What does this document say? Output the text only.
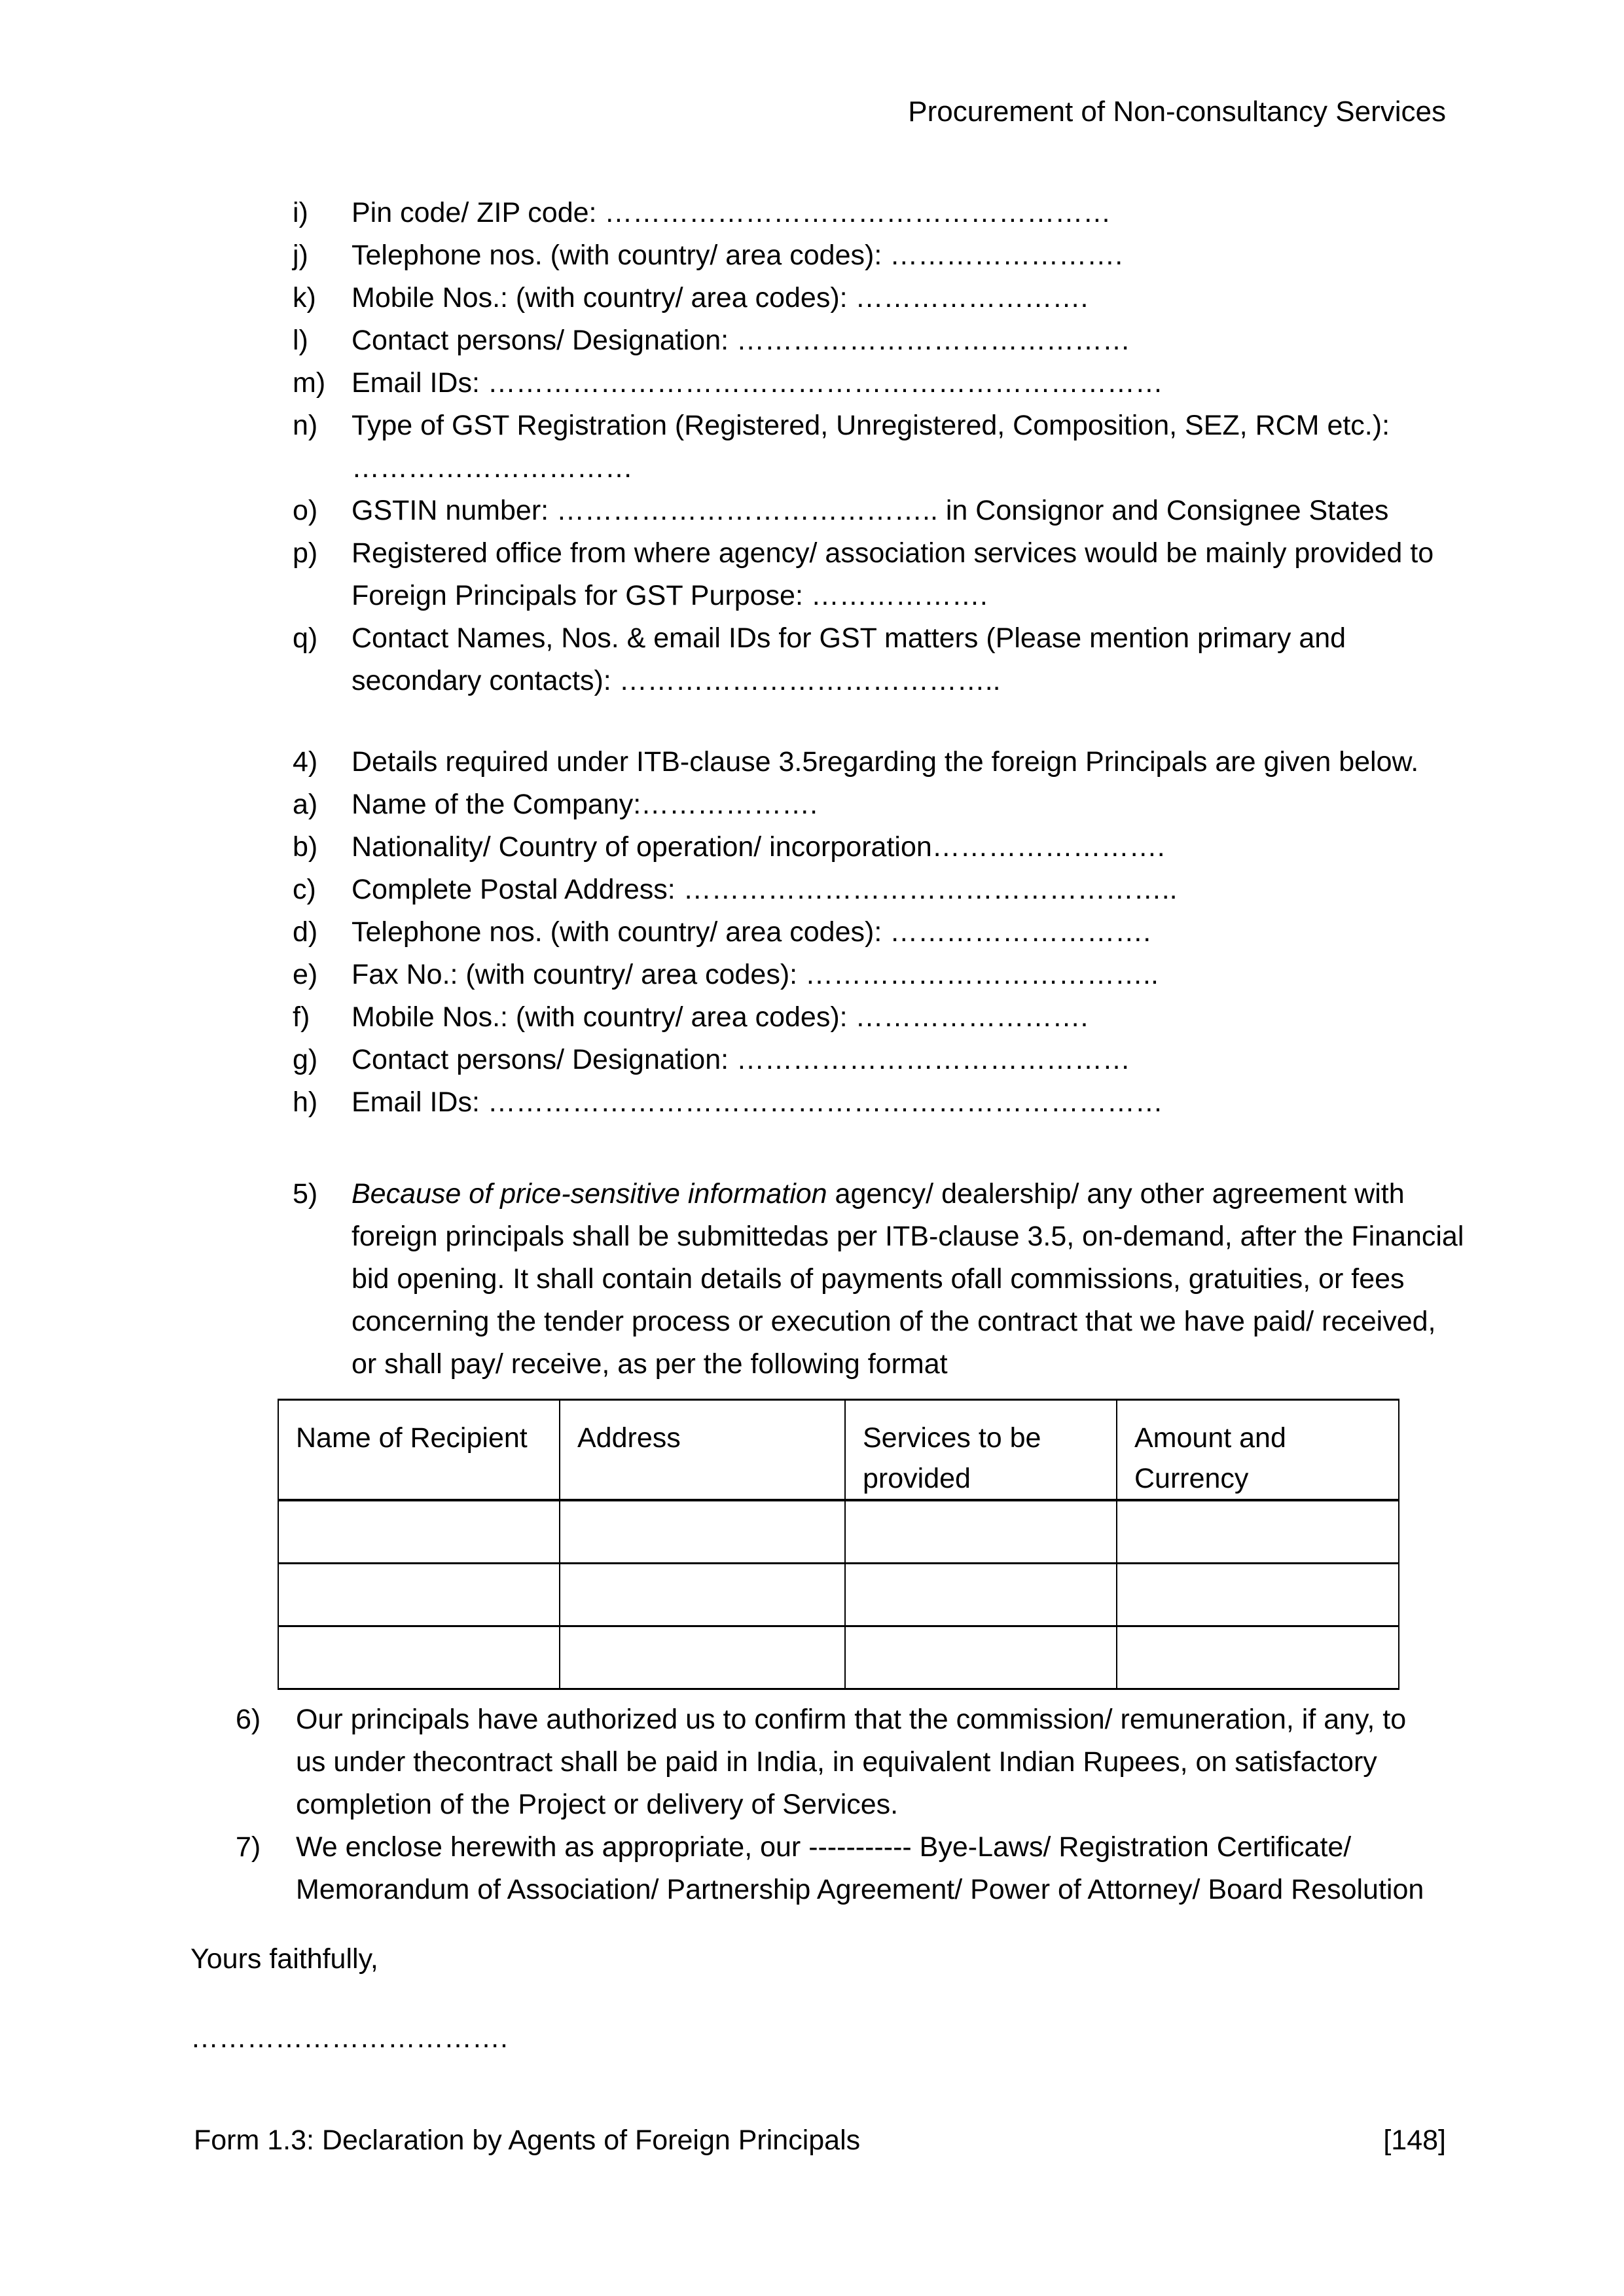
Procurement of Non-consultancy Services
i)	Pin code/ ZIP code: ………………………………………………
j)	Telephone nos. (with country/ area codes): …………………….
k)	Mobile Nos.: (with country/ area codes): …………………….
l)	Contact persons/ Designation: ……………………………………
m) Email IDs: ………………………………………………………………
n)	Type of GST Registration (Registered, Unregistered, Composition, SEZ, RCM etc.):
…………………………
o)	GSTIN number: ………………………………….. in Consignor and Consignee States
p)	Registered office from where agency/ association services would be mainly provided to
Foreign Principals for GST Purpose: ……………….
q)	Contact Names, Nos. & email IDs for GST matters (Please mention primary and
secondary contacts): …………………………………..
4)	Details required under ITB-clause 3.5regarding the foreign Principals are given below.
a)	Name of the Company:……………….
b)	Nationality/ Country of operation/ incorporation…………………….
c)	Complete Postal Address: ……………………………………………..
d)	Telephone nos. (with country/ area codes): ……………………….
e)	Fax No.: (with country/ area codes): ………………………………..
f)	Mobile Nos.: (with country/ area codes): …………………….
g)	Contact persons/ Designation: ……………………………………
h)	Email IDs: ………………………………………………………………
5)	Because of price-sensitive information agency/ dealership/ any other agreement with
foreign principals shall be submittedas per ITB-clause 3.5, on-demand, after the Financial
bid opening. It shall contain details of payments ofall commissions, gratuities, or fees
concerning the tender process or execution of the contract that we have paid/ received,
or shall pay/ receive, as per the following format
Name of Recipient	Address	Services to be provided	Amount and Currency

6)	Our principals have authorized us to confirm that the commission/ remuneration, if any, to
us under thecontract shall be paid in India, in equivalent Indian Rupees, on satisfactory
completion of the Project or delivery of Services.
7)	We enclose herewith as appropriate, our ----------- Bye-Laws/ Registration Certificate/
Memorandum of Association/ Partnership Agreement/ Power of Attorney/ Board Resolution
Yours faithfully,
…………………………….
Form 1.3: Declaration by Agents of Foreign Principals	[148]
